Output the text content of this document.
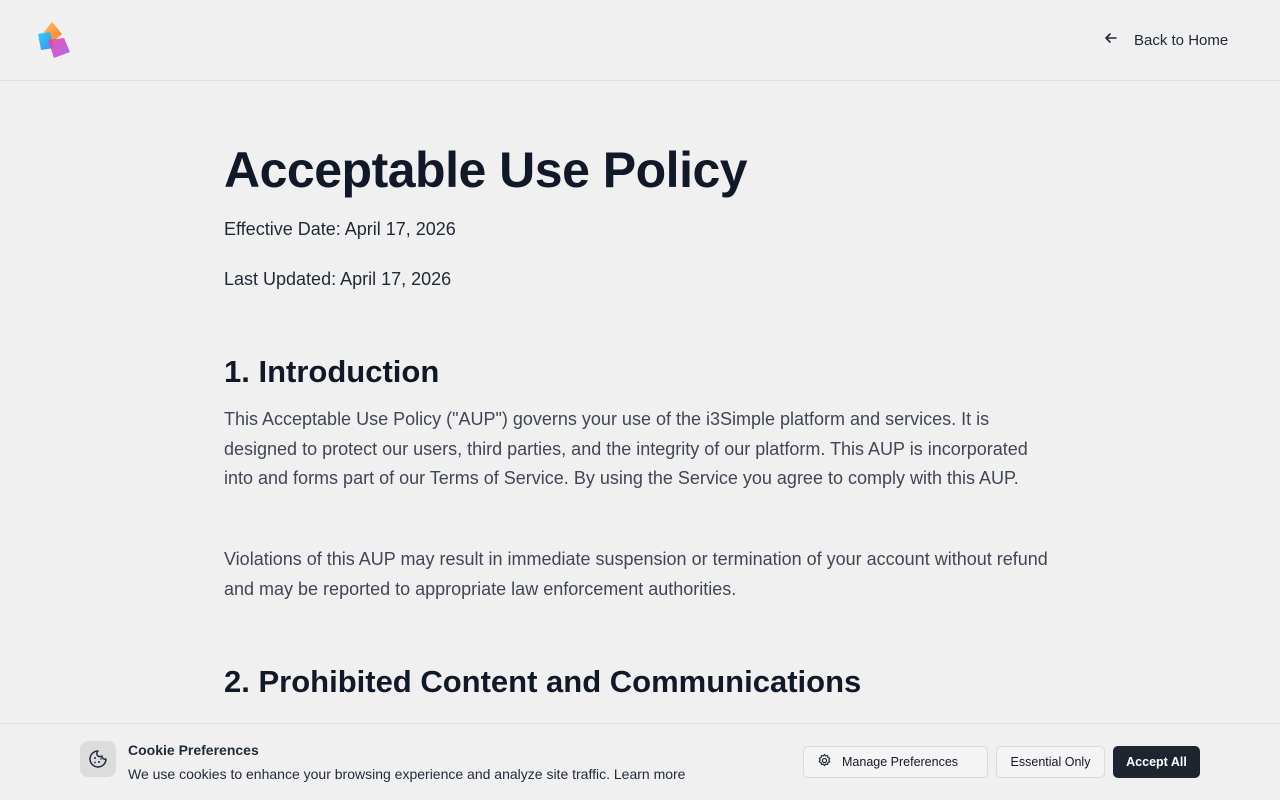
Back to Home
Acceptable Use Policy

Effective Date: April 17, 2026

Last Updated: April 17, 2026

1. Introduction

This Acceptable Use Policy ("AUP") governs your use of the i3Simple platform and services. It is designed to protect our users, third parties, and the integrity of our platform. This AUP is incorporated into and forms part of our Terms of Service. By using the Service you agree to comply with this AUP.

Violations of this AUP may result in immediate suspension or termination of your account without refund and may be reported to appropriate law enforcement authorities.

2. Prohibited Content and Communications
Cookie Preferences
We use cookies to enhance your browsing experience and analyze site traffic. Learn more
Manage Preferences	Essential Only	Accept All
